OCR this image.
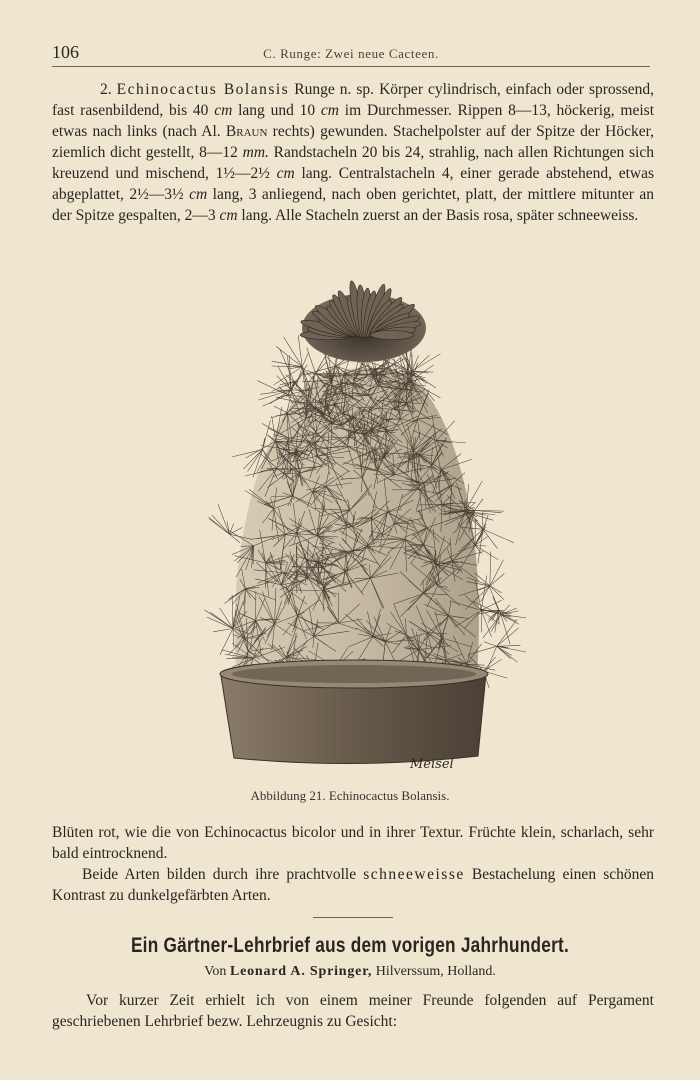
106	C. Runge: Zwei neue Cacteen.

2. Echinocactus Bolansis Runge n. sp. Körper cylindrisch, einfach oder sprossend, fast rasenbildend, bis 40 cm lang und 10 cm im Durchmesser. Rippen 8—13, höckerig, meist etwas nach links (nach Al. Braun rechts) gewunden. Stachelpolster auf der Spitze der Höcker, ziemlich dicht gestellt, 8—12 mm. Randstacheln 20 bis 24, strahlig, nach allen Richtungen sich kreuzend und mischend, 1½—2½ cm lang. Centralstacheln 4, einer gerade abstehend, etwas abgeplattet, 2½—3½ cm lang, 3 anliegend, nach oben gerichtet, platt, der mittlere mitunter an der Spitze gespalten, 2—3 cm lang. Alle Stacheln zuerst an der Basis rosa, später schneeweiss.

Meisel
Abbildung 21. Echinocactus Bolansis.

Blüten rot, wie die von Echinocactus bicolor und in ihrer Textur. Früchte klein, scharlach, sehr bald eintrocknend.

Beide Arten bilden durch ihre prachtvolle schneeweisse Bestachelung einen schönen Kontrast zu dunkelgefärbten Arten.

Ein Gärtner-Lehrbrief aus dem vorigen Jahrhundert.
Von Leonard A. Springer, Hilverssum, Holland.

Vor kurzer Zeit erhielt ich von einem meiner Freunde folgenden auf Pergament geschriebenen Lehrbrief bezw. Lehrzeugnis zu Gesicht:
